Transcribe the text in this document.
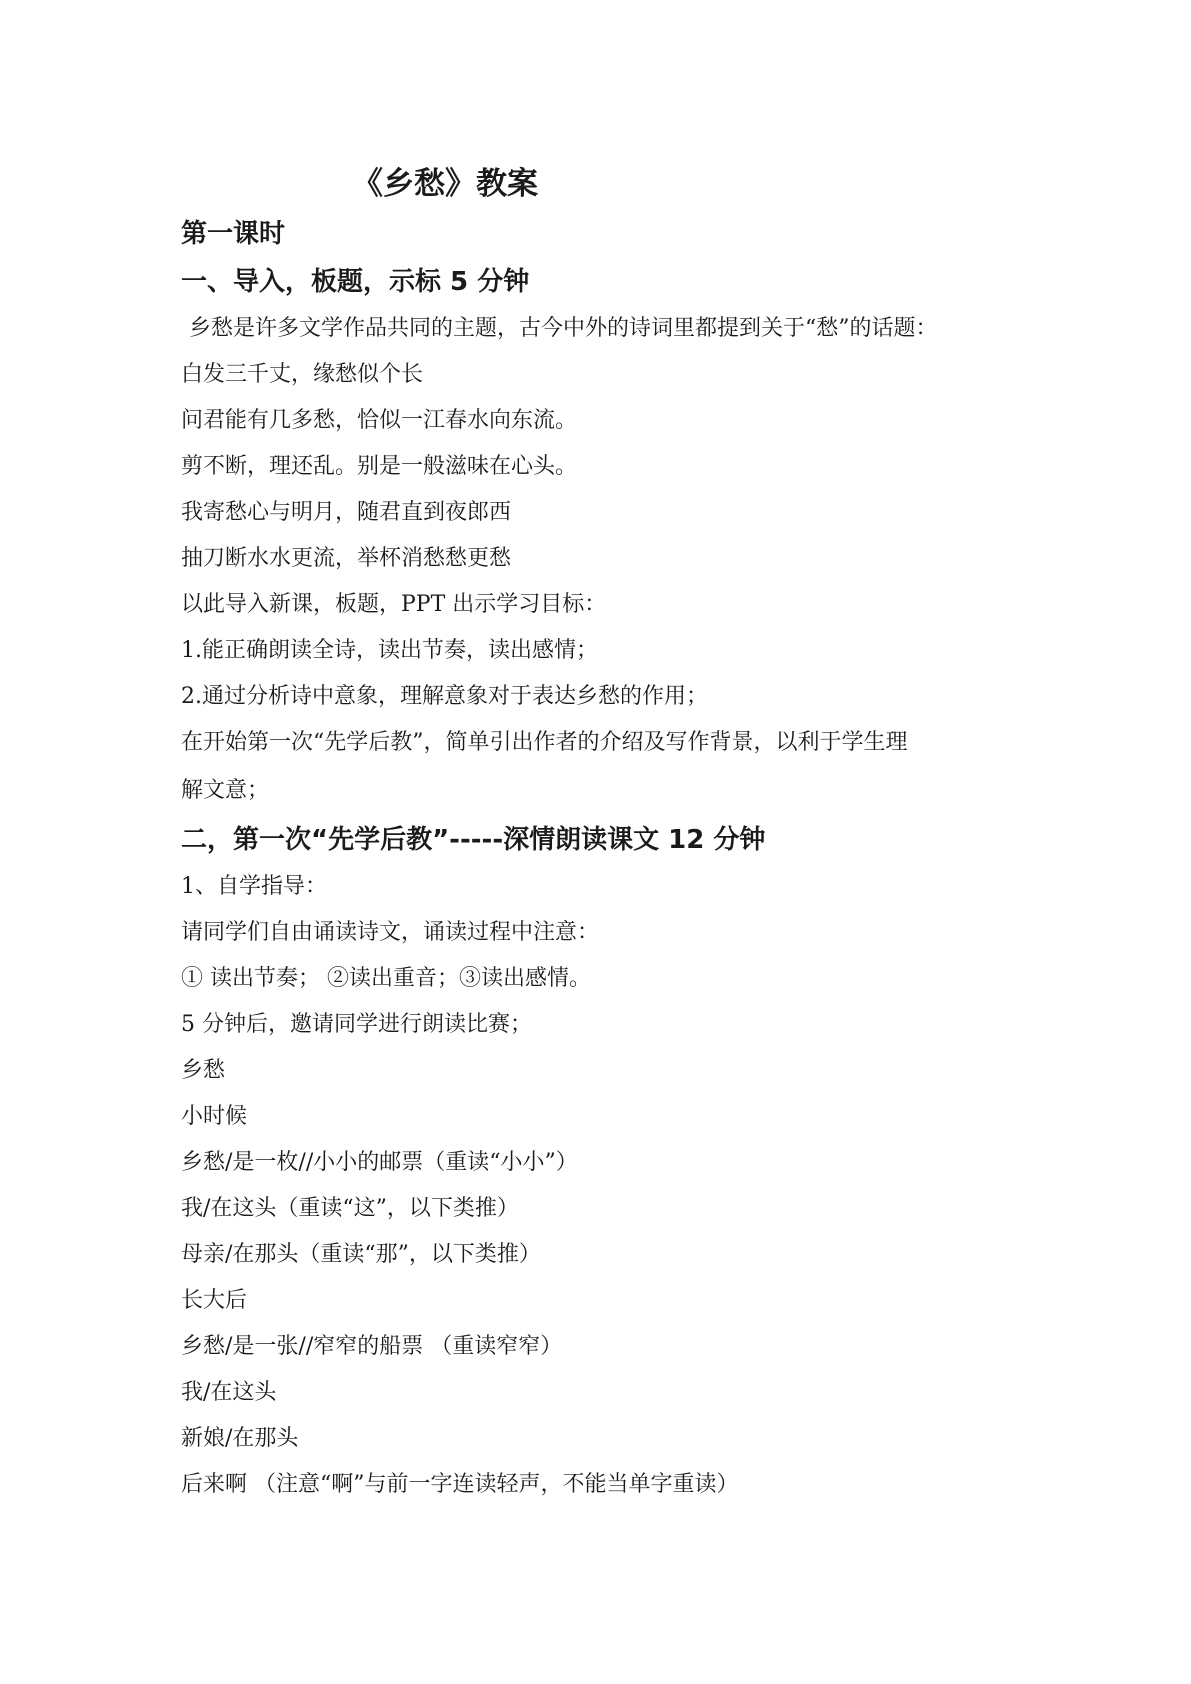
《乡愁》教案
第一课时
一、导入，板题，示标 5 分钟
乡愁是许多文学作品共同的主题，古今中外的诗词里都提到关于“愁”的话题：
白发三千丈，缘愁似个长
问君能有几多愁，恰似一江春水向东流。
剪不断，理还乱。别是一般滋味在心头。
我寄愁心与明月，随君直到夜郎西
抽刀断水水更流，举杯消愁愁更愁
以此导入新课，板题，PPT 出示学习目标：
1.能正确朗读全诗，读出节奏，读出感情；
2.通过分析诗中意象，理解意象对于表达乡愁的作用；
在开始第一次“先学后教”，简单引出作者的介绍及写作背景，以利于学生理
解文意；
二，第一次“先学后教”-----深情朗读课文 12 分钟
1、自学指导：
请同学们自由诵读诗文，诵读过程中注意：
① 读出节奏； ②读出重音；③读出感情。
5 分钟后，邀请同学进行朗读比赛；
乡愁
小时候
乡愁/是一枚//小小的邮票（重读“小小”）
我/在这头（重读“这”，以下类推）
母亲/在那头（重读“那”，以下类推）
长大后
乡愁/是一张//窄窄的船票 （重读窄窄）
我/在这头
新娘/在那头
后来啊 （注意“啊”与前一字连读轻声，不能当单字重读）
